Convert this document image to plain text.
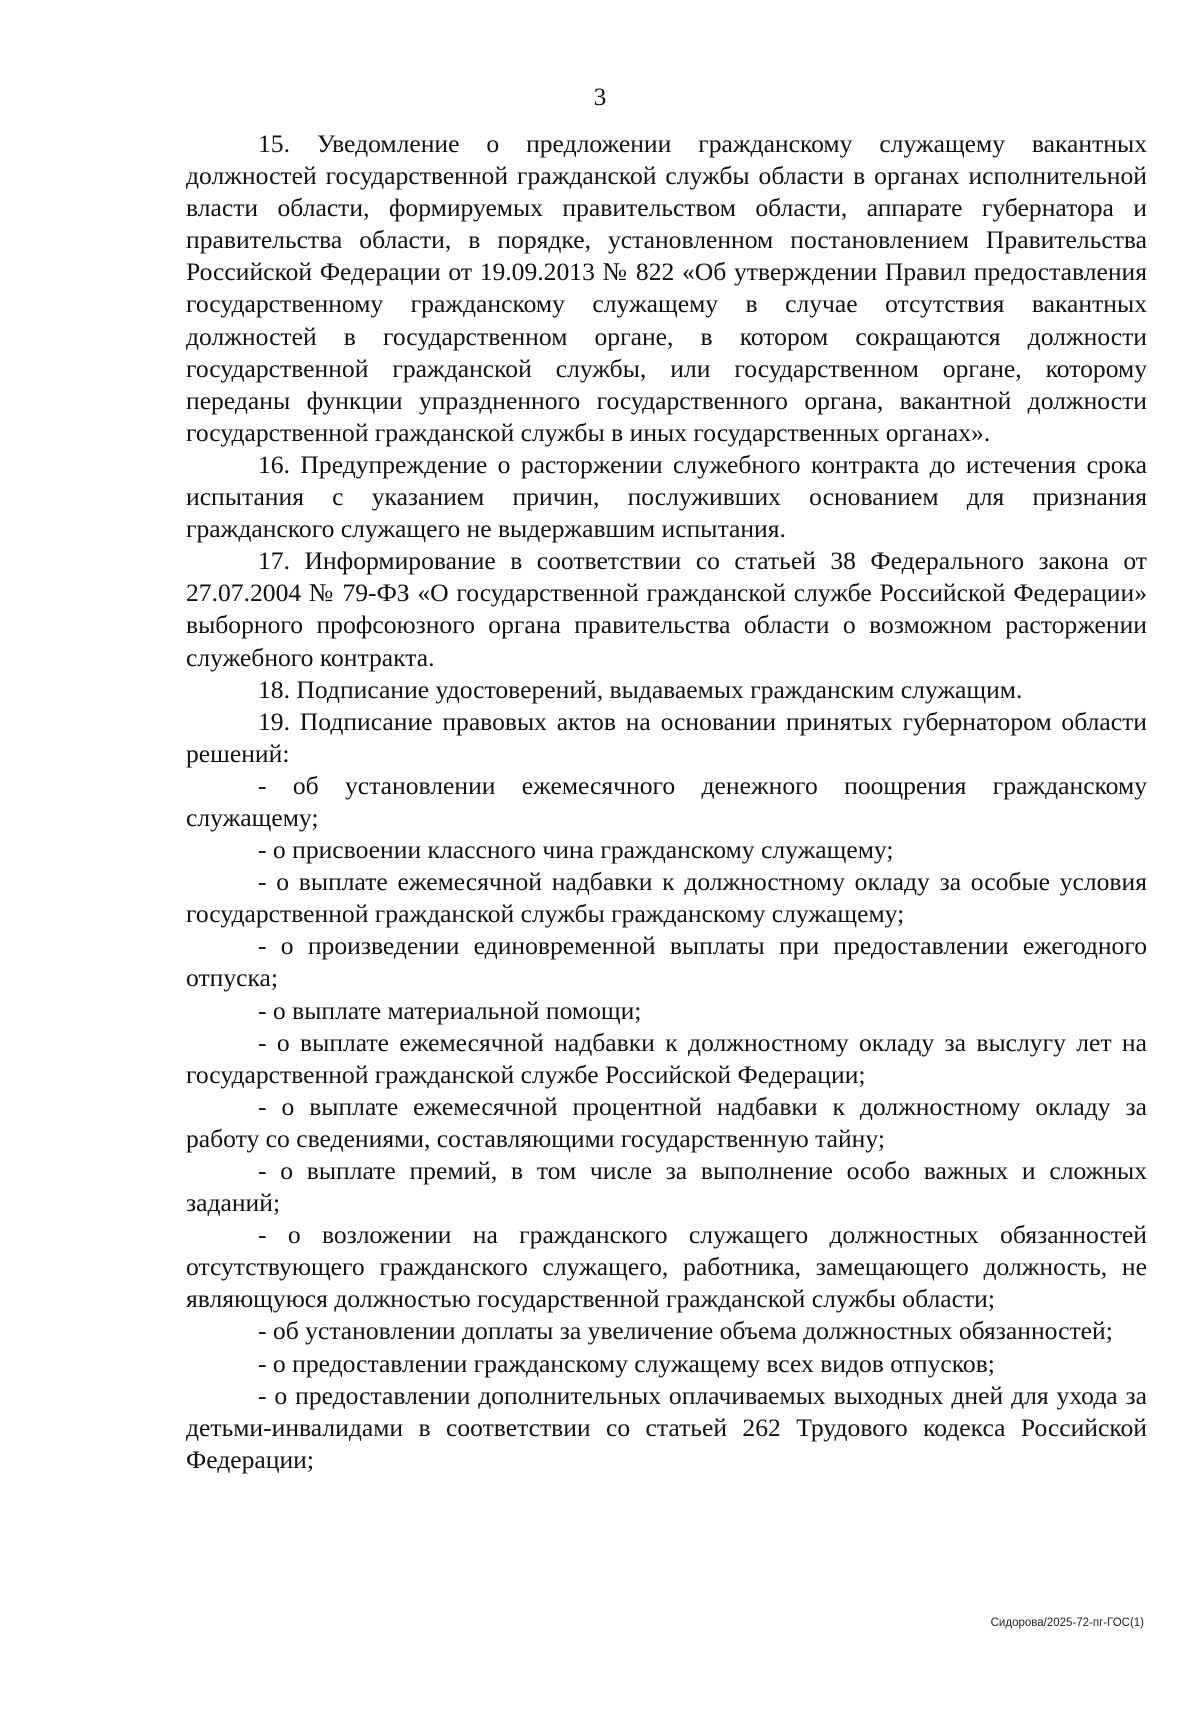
3

15. Уведомление о предложении гражданскому служащему вакантных должностей государственной гражданской службы области в органах исполнительной власти области, формируемых правительством области, аппарате губернатора и правительства области, в порядке, установленном постановлением Правительства Российской Федерации от 19.09.2013 № 822 «Об утверждении Правил предоставления государственному гражданскому служащему в случае отсутствия вакантных должностей в государственном органе, в котором сокращаются должности государственной гражданской службы, или государственном органе, которому переданы функции упраздненного государственного органа, вакантной должности государственной гражданской службы в иных государственных органах».

16. Предупреждение о расторжении служебного контракта до истечения срока испытания с указанием причин, послуживших основанием для признания гражданского служащего не выдержавшим испытания.

17. Информирование в соответствии со статьей 38 Федерального закона от 27.07.2004 № 79-ФЗ «О государственной гражданской службе Российской Федерации» выборного профсоюзного органа правительства области о возможном расторжении служебного контракта.

18. Подписание удостоверений, выдаваемых гражданским служащим.

19. Подписание правовых актов на основании принятых губернатором области решений:

- об установлении ежемесячного денежного поощрения гражданскому служащему;

- о присвоении классного чина гражданскому служащему;

- о выплате ежемесячной надбавки к должностному окладу за особые условия государственной гражданской службы гражданскому служащему;

- о произведении единовременной выплаты при предоставлении ежегодного отпуска;

- о выплате материальной помощи;

- о выплате ежемесячной надбавки к должностному окладу за выслугу лет на государственной гражданской службе Российской Федерации;

- о выплате ежемесячной процентной надбавки к должностному окладу за работу со сведениями, составляющими государственную тайну;

- о выплате премий, в том числе за выполнение особо важных и сложных заданий;

- о возложении на гражданского служащего должностных обязанностей отсутствующего гражданского служащего, работника, замещающего должность, не являющуюся должностью государственной гражданской службы области;

- об установлении доплаты за увеличение объема должностных обязанностей;

- о предоставлении гражданскому служащему всех видов отпусков;

- о предоставлении дополнительных оплачиваемых выходных дней для ухода за детьми-инвалидами в соответствии со статьей 262 Трудового кодекса Российской Федерации;

Сидорова/2025-72-пг-ГОС(1)
